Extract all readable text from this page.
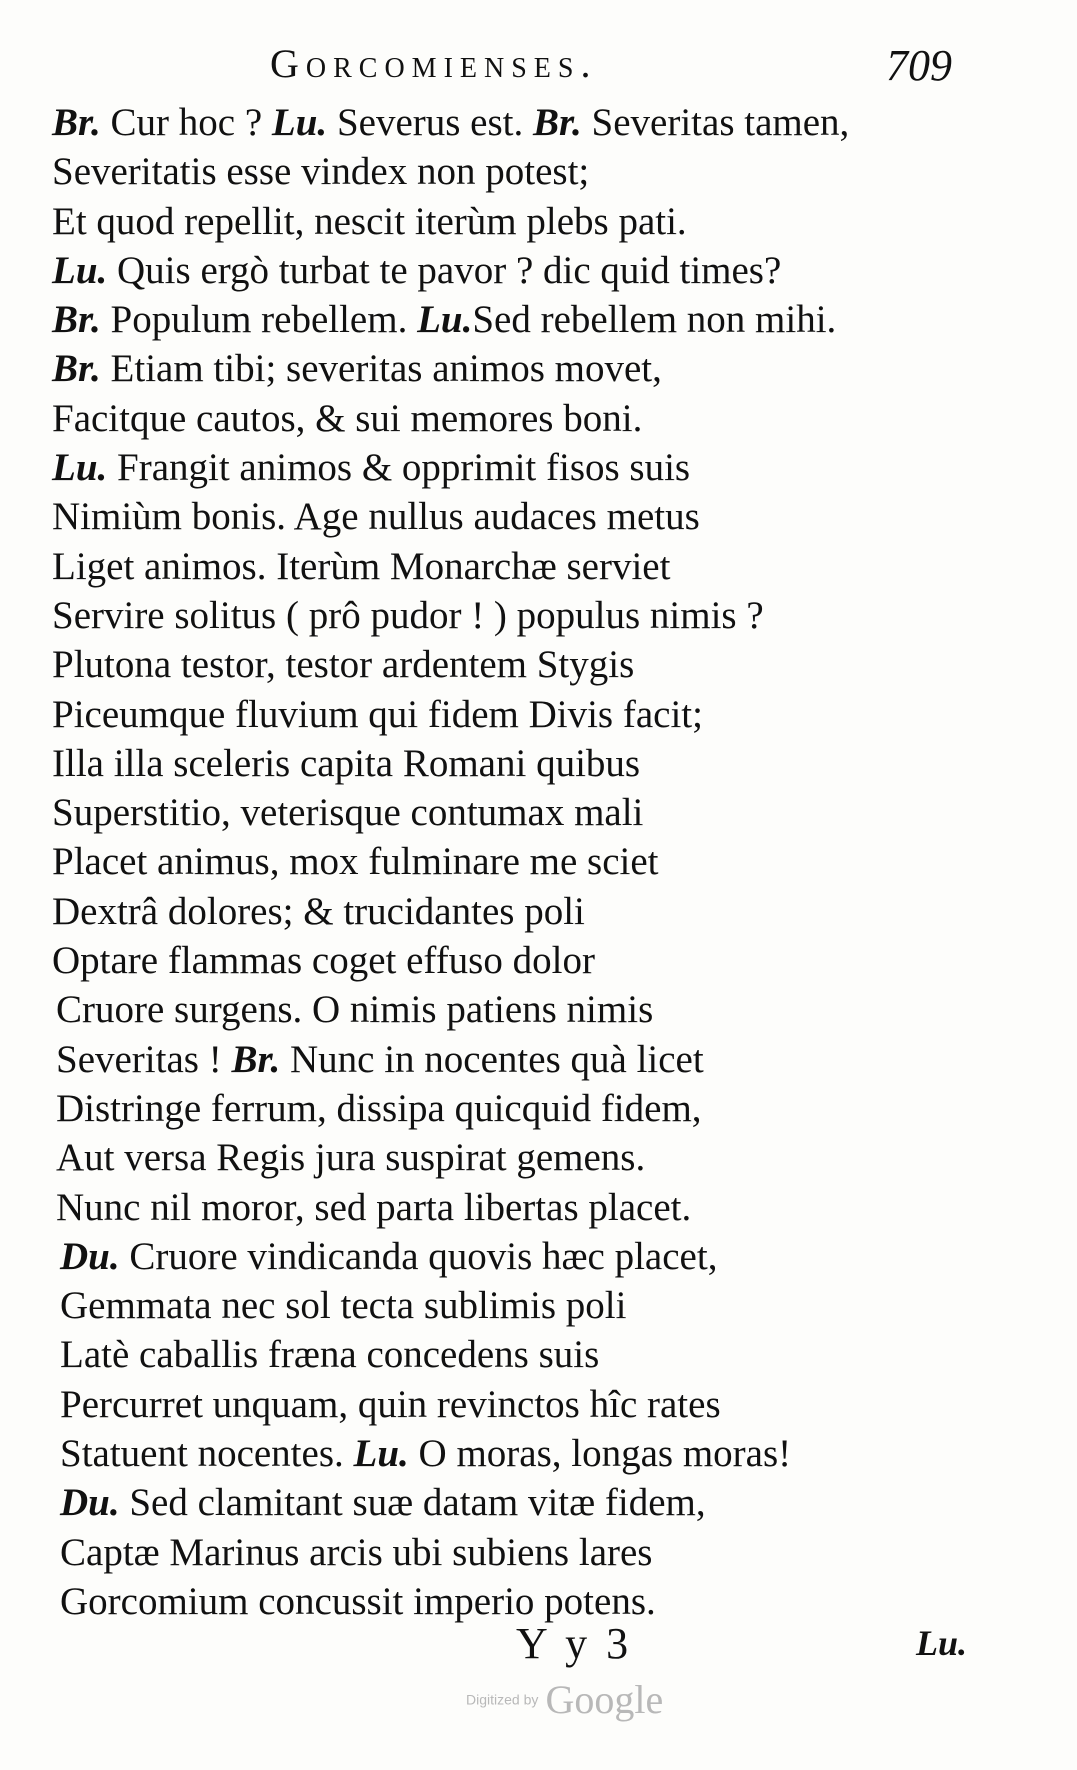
Gorcomienses.	709
Br. Cur hoc ? Lu. Severus est. Br. Severitas tamen,
Severitatis esse vindex non potest;
Et quod repellit, nescit iterùm plebs pati.
Lu. Quis ergò turbat te pavor ? dic quid times?
Br. Populum rebellem. Lu.Sed rebellem non mihi.
Br. Etiam tibi; severitas animos movet,
Facitque cautos, & sui memores boni.
Lu. Frangit animos & opprimit fisos suis
Nimiùm bonis. Age nullus audaces metus
Liget animos. Iterùm Monarchæ serviet
Servire solitus ( prô pudor ! ) populus nimis ?
Plutona testor, testor ardentem Stygis
Piceumque fluvium qui fidem Divis facit;
Illa illa sceleris capita Romani quibus
Superstitio, veterisque contumax mali
Placet animus, mox fulminare me sciet
Dextrâ dolores; & trucidantes poli
Optare flammas coget effuso dolor
Cruore surgens. O nimis patiens nimis
Severitas ! Br. Nunc in nocentes quà licet
Distringe ferrum, dissipa quicquid fidem,
Aut versa Regis jura suspirat gemens.
Nunc nil moror, sed parta libertas placet.
Du. Cruore vindicanda quovis hæc placet,
Gemmata nec sol tecta sublimis poli
Latè caballis fræna concedens suis
Percurret unquam, quin revinctos hîc rates
Statuent nocentes. Lu. O moras, longas moras!
Du. Sed clamitant suæ datam vitæ fidem,
Captæ Marinus arcis ubi subiens lares
Gorcomium concussit imperio potens.
Y y 3	Lu.
Digitized by Google
